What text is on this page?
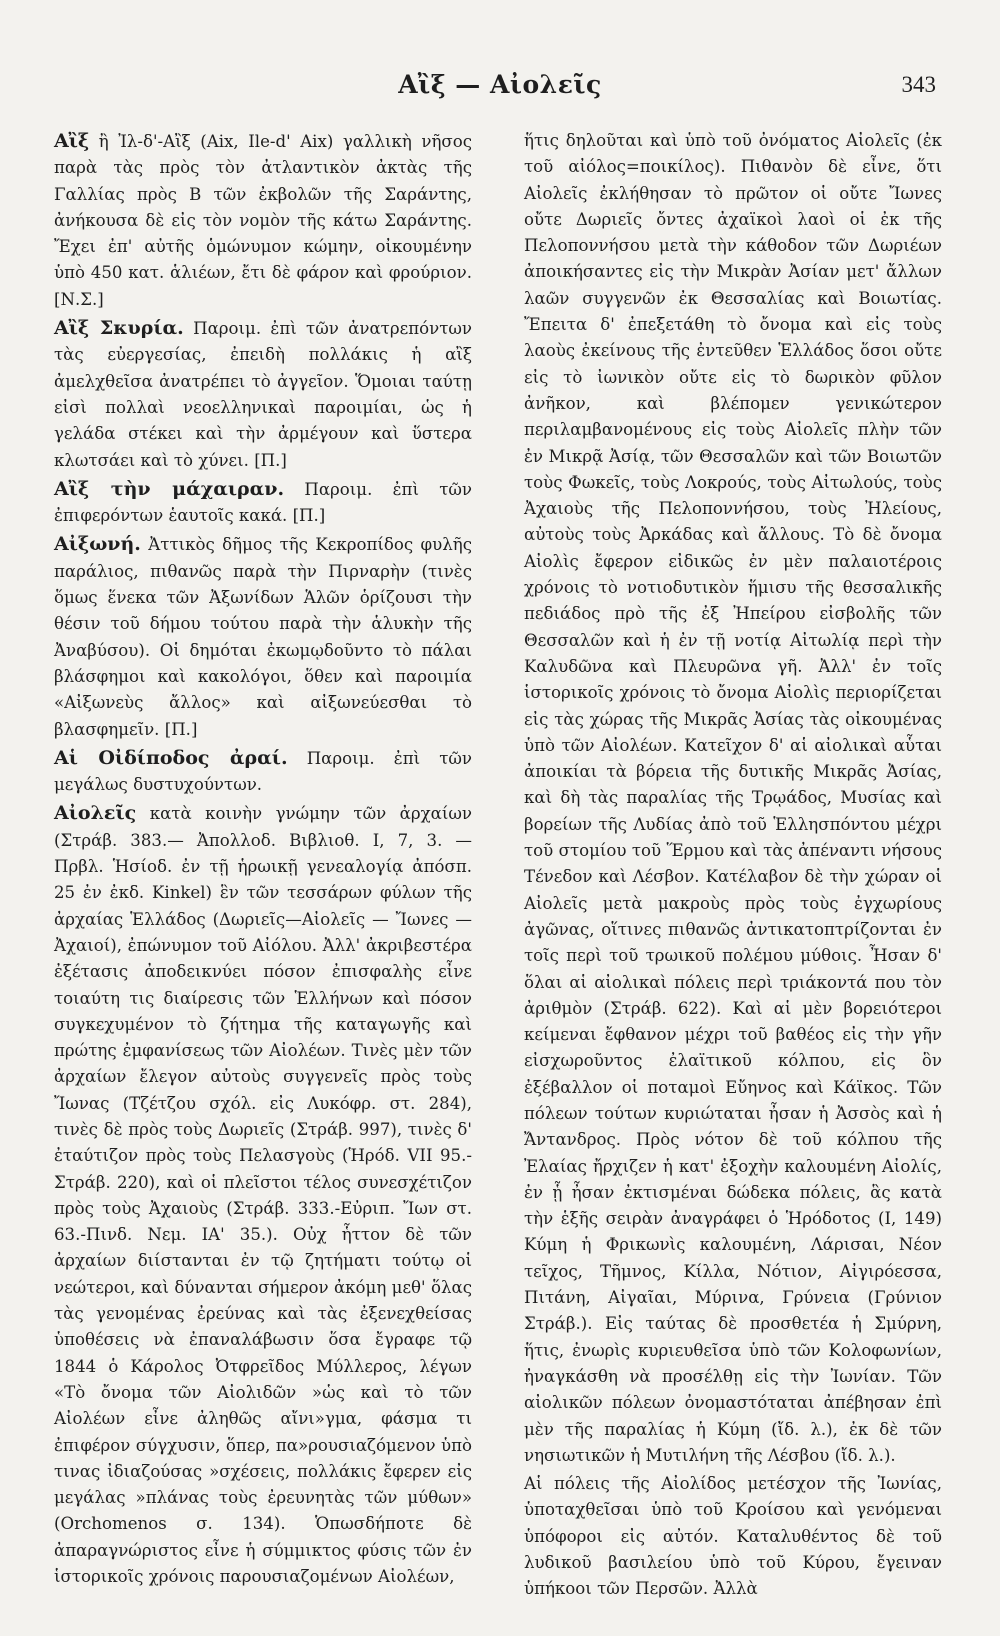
Αἲξ — Αἰολεῖς	343

Αἲξ ἢ Ἰλ-δ'-Αἲξ (Aix, Ile-d' Aix) γαλλικὴ νῆσος παρὰ τὰς πρὸς τὸν ἀτλαντικὸν ἀκτὰς τῆς Γαλλίας πρὸς Β τῶν ἐκβολῶν τῆς Σαράντης, ἀνήκουσα δὲ εἰς τὸν νομὸν τῆς κάτω Σαράντης. Ἔχει ἐπ' αὐτῆς ὁμώνυμον κώμην, οἰκουμένην ὑπὸ 450 κατ. ἁλιέων, ἔτι δὲ φάρον καὶ φρούριον. [Ν.Σ.]

Αἲξ Σκυρία. Παροιμ. ἐπὶ τῶν ἀνατρεπόντων τὰς εὐεργεσίας, ἐπειδὴ πολλάκις ἡ αἲξ ἀμελχθεῖσα ἀνατρέπει τὸ ἀγγεῖον. Ὅμοιαι ταύτῃ εἰσὶ πολλαὶ νεοελληνικαὶ παροιμίαι, ὡς ἡ γελάδα στέκει καὶ τὴν ἀρμέγουν καὶ ὕστερα κλωτσάει καὶ τὸ χύνει. [Π.]

Αἲξ τὴν μάχαιραν. Παροιμ. ἐπὶ τῶν ἐπιφερόντων ἑαυτοῖς κακά. [Π.]

Αἰξωνή. Ἀττικὸς δῆμος τῆς Κεκροπίδος φυλῆς παράλιος, πιθανῶς παρὰ τὴν Πιρναρὴν (τινὲς ὅμως ἕνεκα τῶν Ἀξωνίδων Ἁλῶν ὁρίζουσι τὴν θέσιν τοῦ δήμου τούτου παρὰ τὴν ἁλυκὴν τῆς Ἀναβύσου). Οἱ δημόται ἐκωμῳδοῦντο τὸ πάλαι βλάσφημοι καὶ κακολόγοι, ὅθεν καὶ παροιμία «Αἰξωνεὺς ἄλλος» καὶ αἰξωνεύεσθαι τὸ βλασφημεῖν. [Π.]

Αἱ Οἰδίποδος ἀραί. Παροιμ. ἐπὶ τῶν μεγάλως δυστυχούντων.

Αἰολεῖς κατὰ κοινὴν γνώμην τῶν ἀρχαίων (Στράβ. 383.— Ἀπολλοδ. Βιβλιοθ. Ι, 7, 3. — Πρβλ. Ἡσίοδ. ἐν τῇ ἡρωικῇ γενεαλογίᾳ ἀπόσπ. 25 ἐν ἐκδ. Kinkel) ἓν τῶν τεσσάρων φύλων τῆς ἀρχαίας Ἑλλάδος (Δωριεῖς—Αἰολεῖς — Ἴωνες — Ἀχαιοί), ἐπώνυμον τοῦ Αἰόλου. Ἀλλ' ἀκριβεστέρα ἐξέτασις ἀποδεικνύει πόσον ἐπισφαλὴς εἶνε τοιαύτη τις διαίρεσις τῶν Ἑλλήνων καὶ πόσον συγκεχυμένον τὸ ζήτημα τῆς καταγωγῆς καὶ πρώτης ἐμφανίσεως τῶν Αἰολέων. Τινὲς μὲν τῶν ἀρχαίων ἔλεγον αὐτοὺς συγγενεῖς πρὸς τοὺς Ἴωνας (Τζέτζου σχόλ. εἰς Λυκόφρ. στ. 284), τινὲς δὲ πρὸς τοὺς Δωριεῖς (Στράβ. 997), τινὲς δ' ἐταύτιζον πρὸς τοὺς Πελασγοὺς (Ἡρόδ. VII 95.-Στράβ. 220), καὶ οἱ πλεῖστοι τέλος συνεσχέτιζον πρὸς τοὺς Ἀχαιοὺς (Στράβ. 333.-Εὐριπ. Ἴων στ. 63.-Πινδ. Νεμ. ΙΑ' 35.). Οὐχ ἧττον δὲ τῶν ἀρχαίων διίστανται ἐν τῷ ζητήματι τούτῳ οἱ νεώτεροι, καὶ δύνανται σήμερον ἀκόμη μεθ' ὅλας τὰς γενομένας ἐρεύνας καὶ τὰς ἐξενεχθείσας ὑποθέσεις νὰ ἐπαναλάβωσιν ὅσα ἔγραφε τῷ 1844 ὁ Κάρολος Ὀτφρεῖδος Μύλλερος, λέγων «Τὸ ὄνομα τῶν Αἰολιδῶν »ὡς καὶ τὸ τῶν Αἰολέων εἶνε ἀληθῶς αἴνι»γμα, φάσμα τι ἐπιφέρον σύγχυσιν, ὅπερ, πα»ρουσιαζόμενον ὑπὸ τινας ἰδιαζούσας »σχέσεις, πολλάκις ἔφερεν εἰς μεγάλας »πλάνας τοὺς ἐρευνητὰς τῶν μύθων» (Orchomenos σ. 134). Ὁπωσδήποτε δὲ ἀπαραγνώριστος εἶνε ἡ σύμμικτος φύσις τῶν ἐν ἱστορικοῖς χρόνοις παρουσιαζομένων Αἰολέων,

ἥτις δηλοῦται καὶ ὑπὸ τοῦ ὀνόματος Αἰολεῖς (ἐκ τοῦ αἰόλος=ποικίλος). Πιθανὸν δὲ εἶνε, ὅτι Αἰολεῖς ἐκλήθησαν τὸ πρῶτον οἱ οὔτε Ἴωνες οὔτε Δωριεῖς ὄντες ἀχαϊκοὶ λαοὶ οἱ ἐκ τῆς Πελοποννήσου μετὰ τὴν κάθοδον τῶν Δωριέων ἀποικήσαντες εἰς τὴν Μικρὰν Ἀσίαν μετ' ἄλλων λαῶν συγγενῶν ἐκ Θεσσαλίας καὶ Βοιωτίας. Ἔπειτα δ' ἐπεξετάθη τὸ ὄνομα καὶ εἰς τοὺς λαοὺς ἐκείνους τῆς ἐντεῦθεν Ἑλλάδος ὅσοι οὔτε εἰς τὸ ἰωνικὸν οὔτε εἰς τὸ δωρικὸν φῦλον ἀνῆκον, καὶ βλέπομεν γενικώτερον περιλαμβανομένους εἰς τοὺς Αἰολεῖς πλὴν τῶν ἐν Μικρᾷ Ἀσίᾳ, τῶν Θεσσαλῶν καὶ τῶν Βοιωτῶν τοὺς Φωκεῖς, τοὺς Λοκρούς, τοὺς Αἰτωλούς, τοὺς Ἀχαιοὺς τῆς Πελοποννήσου, τοὺς Ἠλείους, αὐτοὺς τοὺς Ἀρκάδας καὶ ἄλλους. Τὸ δὲ ὄνομα Αἰολὶς ἔφερον εἰδικῶς ἐν μὲν παλαιοτέροις χρόνοις τὸ νοτιοδυτικὸν ἥμισυ τῆς θεσσαλικῆς πεδιάδος πρὸ τῆς ἐξ Ἠπείρου εἰσβολῆς τῶν Θεσσαλῶν καὶ ἡ ἐν τῇ νοτίᾳ Αἰτωλίᾳ περὶ τὴν Καλυδῶνα καὶ Πλευρῶνα γῆ. Ἀλλ' ἐν τοῖς ἱστορικοῖς χρόνοις τὸ ὄνομα Αἰολὶς περιορίζεται εἰς τὰς χώρας τῆς Μικρᾶς Ἀσίας τὰς οἰκουμένας ὑπὸ τῶν Αἰολέων. Κατεῖχον δ' αἱ αἰολικαὶ αὗται ἀποικίαι τὰ βόρεια τῆς δυτικῆς Μικρᾶς Ἀσίας, καὶ δὴ τὰς παραλίας τῆς Τρῳάδος, Μυσίας καὶ βορείων τῆς Λυδίας ἀπὸ τοῦ Ἑλλησπόντου μέχρι τοῦ στομίου τοῦ Ἕρμου καὶ τὰς ἀπέναντι νήσους Τένεδον καὶ Λέσβον. Κατέλαβον δὲ τὴν χώραν οἱ Αἰολεῖς μετὰ μακροὺς πρὸς τοὺς ἐγχωρίους ἀγῶνας, οἵτινες πιθανῶς ἀντικατοπτρίζονται ἐν τοῖς περὶ τοῦ τρωικοῦ πολέμου μύθοις. Ἦσαν δ' ὅλαι αἱ αἰολικαὶ πόλεις περὶ τριάκοντά που τὸν ἀριθμὸν (Στράβ. 622). Καὶ αἱ μὲν βορειότεροι κείμεναι ἔφθανον μέχρι τοῦ βαθέος εἰς τὴν γῆν εἰσχωροῦντος ἐλαϊτικοῦ κόλπου, εἰς ὃν ἐξέβαλλον οἱ ποταμοὶ Εὔηνος καὶ Κάϊκος. Τῶν πόλεων τούτων κυριώταται ἦσαν ἡ Ἀσσὸς καὶ ἡ Ἄντανδρος. Πρὸς νότον δὲ τοῦ κόλπου τῆς Ἐλαίας ἤρχιζεν ἡ κατ' ἐξοχὴν καλουμένη Αἰολίς, ἐν ᾗ ἦσαν ἐκτισμέναι δώδεκα πόλεις, ἃς κατὰ τὴν ἑξῆς σειρὰν ἀναγράφει ὁ Ἡρόδοτος (Ι, 149) Κύμη ἡ Φρικωνὶς καλουμένη, Λάρισαι, Νέον τεῖχος, Τῆμνος, Κίλλα, Νότιον, Αἰγιρόεσσα, Πιτάνη, Αἰγαῖαι, Μύρινα, Γρύνεια (Γρύνιον Στράβ.). Εἰς ταύτας δὲ προσθετέα ἡ Σμύρνη, ἥτις, ἐνωρὶς κυριευθεῖσα ὑπὸ τῶν Κολοφωνίων, ἠναγκάσθη νὰ προσέλθῃ εἰς τὴν Ἰωνίαν. Τῶν αἰολικῶν πόλεων ὀνομαστόταται ἀπέβησαν ἐπὶ μὲν τῆς παραλίας ἡ Κύμη (ἴδ. λ.), ἐκ δὲ τῶν νησιωτικῶν ἡ Μυτιλήνη τῆς Λέσβου (ἴδ. λ.).

Αἱ πόλεις τῆς Αἰολίδος μετέσχον τῆς Ἰωνίας, ὑποταχθεῖσαι ὑπὸ τοῦ Κροίσου καὶ γενόμεναι ὑπόφοροι εἰς αὐτόν. Καταλυθέντος δὲ τοῦ λυδικοῦ βασιλείου ὑπὸ τοῦ Κύρου, ἔγειναν ὑπήκοοι τῶν Περσῶν. Ἀλλὰ
